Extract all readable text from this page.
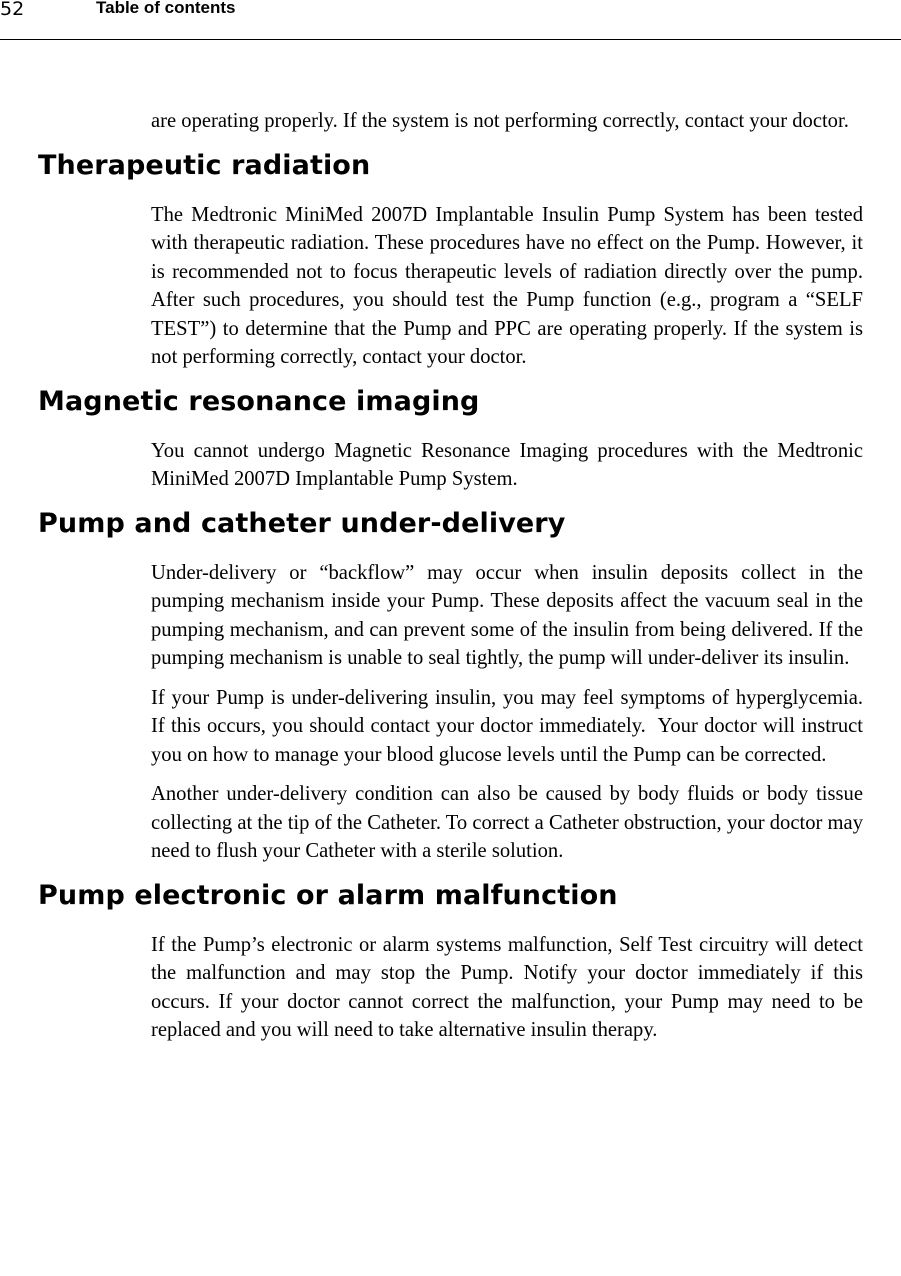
52	Table of contents

are operating properly. If the system is not performing correctly, contact your doctor.

Therapeutic radiation

The Medtronic MiniMed 2007D Implantable Insulin Pump System has been tested with therapeutic radiation. These procedures have no effect on the Pump. However, it is recommended not to focus therapeutic levels of radiation directly over the pump. After such procedures, you should test the Pump function (e.g., program a “SELF TEST”) to determine that the Pump and PPC are operating properly. If the system is not performing correctly, contact your doctor.

Magnetic resonance imaging

You cannot undergo Magnetic Resonance Imaging procedures with the Medtronic MiniMed 2007D Implantable Pump System.

Pump and catheter under-delivery

Under-delivery or “backflow” may occur when insulin deposits collect in the pumping mechanism inside your Pump. These deposits affect the vacuum seal in the pumping mechanism, and can prevent some of the insulin from being delivered. If the pumping mechanism is unable to seal tightly, the pump will under-deliver its insulin.

If your Pump is under-delivering insulin, you may feel symptoms of hyperglycemia. If this occurs, you should contact your doctor immediately.  Your doctor will instruct you on how to manage your blood glucose levels until the Pump can be corrected.

Another under-delivery condition can also be caused by body fluids or body tissue collecting at the tip of the Catheter. To correct a Catheter obstruction, your doctor may need to flush your Catheter with a sterile solution.

Pump electronic or alarm malfunction

If the Pump’s electronic or alarm systems malfunction, Self Test circuitry will detect the malfunction and may stop the Pump. Notify your doctor immediately if this occurs. If your doctor cannot correct the malfunction, your Pump may need to be replaced and you will need to take alternative insulin therapy.
